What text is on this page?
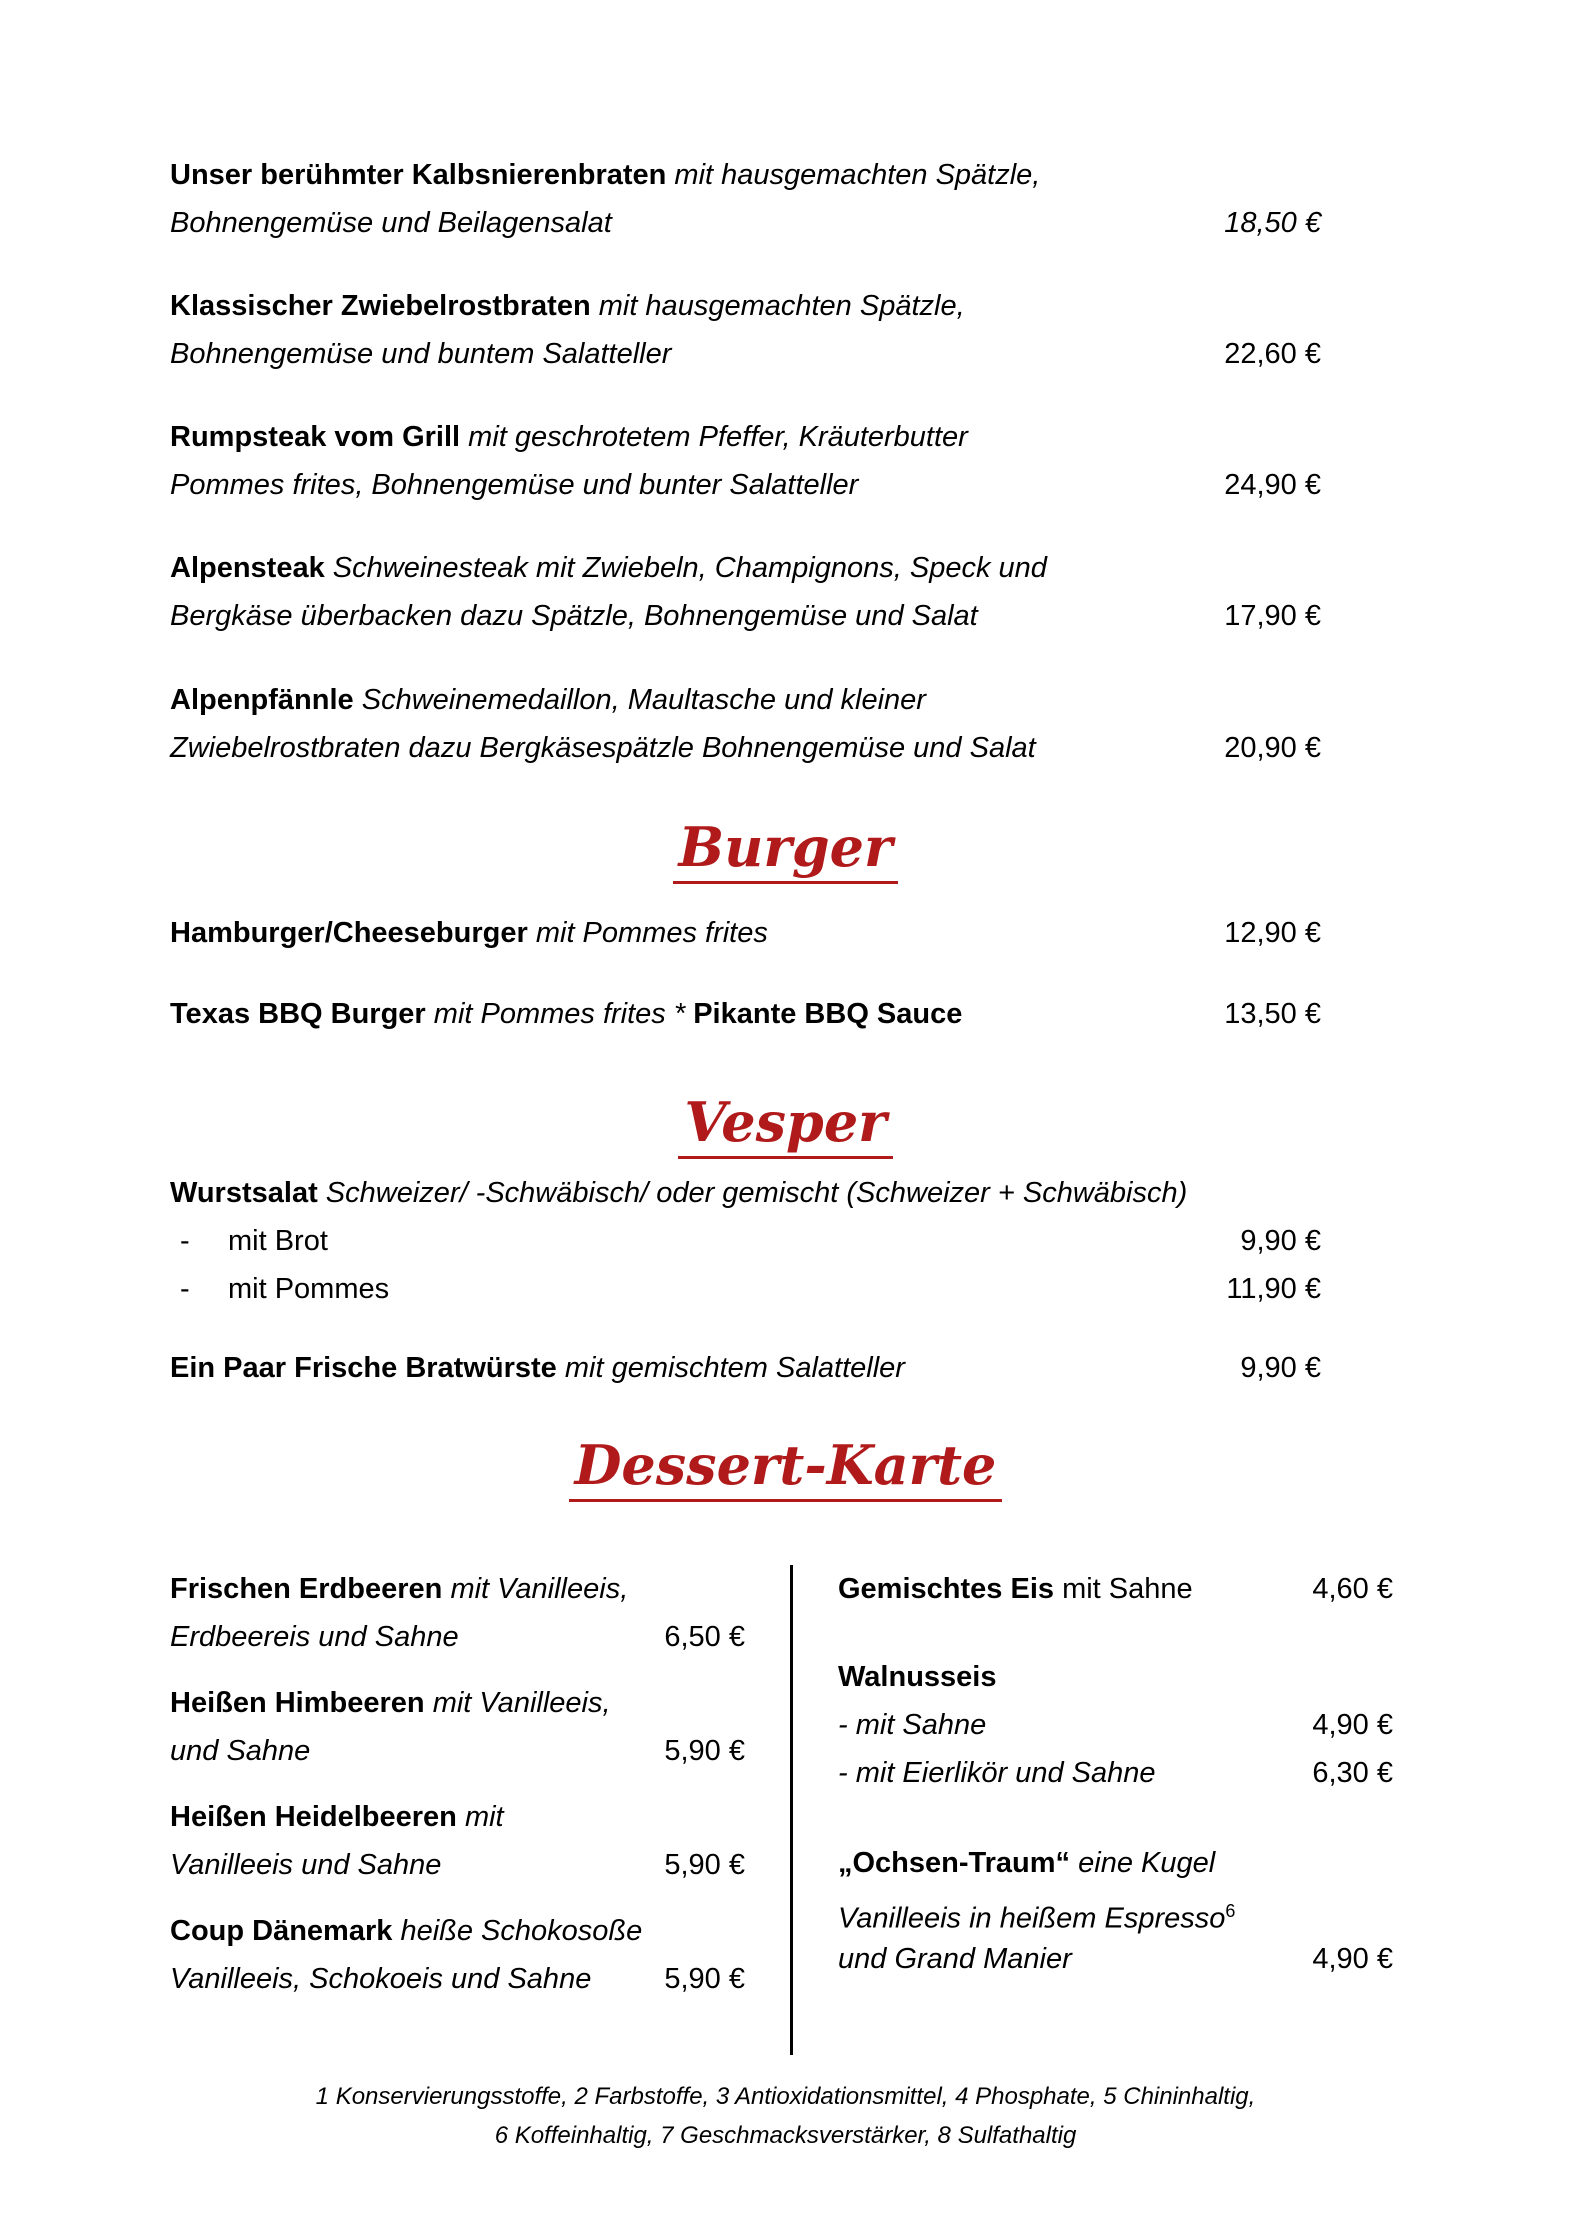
Unser berühmter Kalbsnierenbraten mit hausgemachten Spätzle,
Bohnengemüse und Beilagensalat	18,50 €
Klassischer Zwiebelrostbraten mit hausgemachten Spätzle,
Bohnengemüse und buntem Salatteller	22,60 €
Rumpsteak vom Grill mit geschrotetem Pfeffer, Kräuterbutter
Pommes frites, Bohnengemüse und bunter Salatteller	24,90 €
Alpensteak Schweinesteak mit Zwiebeln, Champignons, Speck und
Bergkäse überbacken dazu Spätzle, Bohnengemüse und Salat	17,90 €
Alpenpfännle Schweinemedaillon, Maultasche und kleiner
Zwiebelrostbraten dazu Bergkäsespätzle Bohnengemüse und Salat	20,90 €
Burger
Hamburger/Cheeseburger mit Pommes frites	12,90 €
Texas BBQ Burger mit Pommes frites * Pikante BBQ Sauce	13,50 €
Vesper
Wurstsalat Schweizer/ -Schwäbisch/ oder gemischt (Schweizer + Schwäbisch)
- mit Brot	9,90 €
- mit Pommes	11,90 €
Ein Paar Frische Bratwürste mit gemischtem Salatteller	9,90 €
Dessert-Karte
Frischen Erdbeeren mit Vanilleeis,
Erdbeereis und Sahne	6,50 €
Heißen Himbeeren mit Vanilleeis,
und Sahne	5,90 €
Heißen Heidelbeeren mit
Vanilleeis und Sahne	5,90 €
Coup Dänemark heiße Schokosoße
Vanilleeis, Schokoeis und Sahne	5,90 €
Gemischtes Eis mit Sahne	4,60 €
Walnusseis
- mit Sahne	4,90 €
- mit Eierlikör und Sahne	6,30 €
„Ochsen-Traum“ eine Kugel
Vanilleeis in heißem Espresso$^6$
und Grand Manier	4,90 €
1 Konservierungsstoffe, 2 Farbstoffe, 3 Antioxidationsmittel, 4 Phosphate, 5 Chininhaltig,
6 Koffeinhaltig, 7 Geschmacksverstärker, 8 Sulfathaltig
